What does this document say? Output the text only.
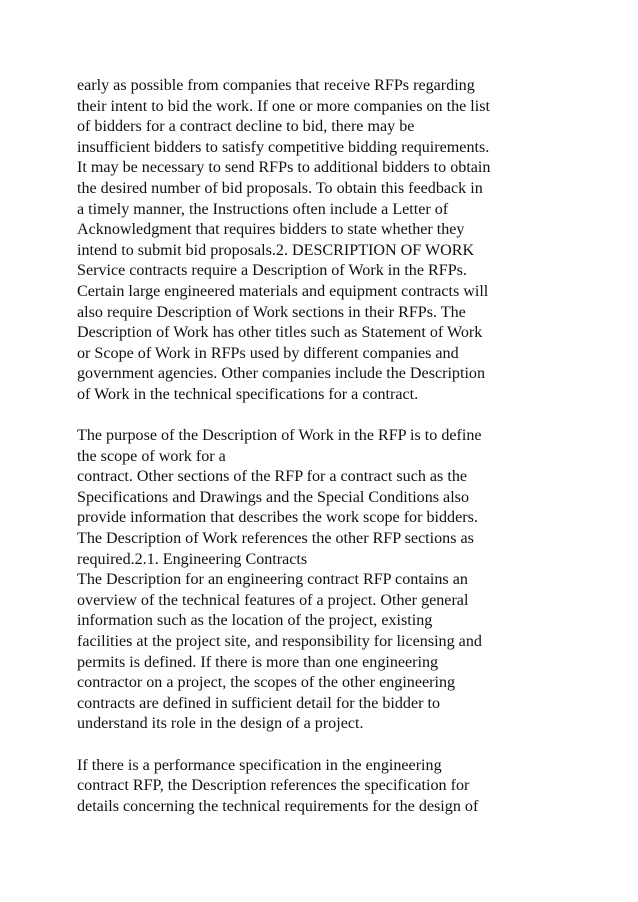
early as possible from companies that receive RFPs regarding
their intent to bid the work. If one or more companies on the list
of bidders for a contract decline to bid, there may be
insufficient bidders to satisfy competitive bidding requirements.
It may be necessary to send RFPs to additional bidders to obtain
the desired number of bid proposals. To obtain this feedback in
a timely manner, the Instructions often include a Letter of
Acknowledgment that requires bidders to state whether they
intend to submit bid proposals.2. DESCRIPTION OF WORK
Service contracts require a Description of Work in the RFPs.
Certain large engineered materials and equipment contracts will
also require Description of Work sections in their RFPs. The
Description of Work has other titles such as Statement of Work
or Scope of Work in RFPs used by different companies and
government agencies. Other companies include the Description
of Work in the technical specifications for a contract.
The purpose of the Description of Work in the RFP is to define
the scope of work for a
contract. Other sections of the RFP for a contract such as the
Specifications and Drawings and the Special Conditions also
provide information that describes the work scope for bidders.
The Description of Work references the other RFP sections as
required.2.1. Engineering Contracts
The Description for an engineering contract RFP contains an
overview of the technical features of a project. Other general
information such as the location of the project, existing
facilities at the project site, and responsibility for licensing and
permits is defined. If there is more than one engineering
contractor on a project, the scopes of the other engineering
contracts are defined in sufficient detail for the bidder to
understand its role in the design of a project.
If there is a performance specification in the engineering
contract RFP, the Description references the specification for
details concerning the technical requirements for the design of
